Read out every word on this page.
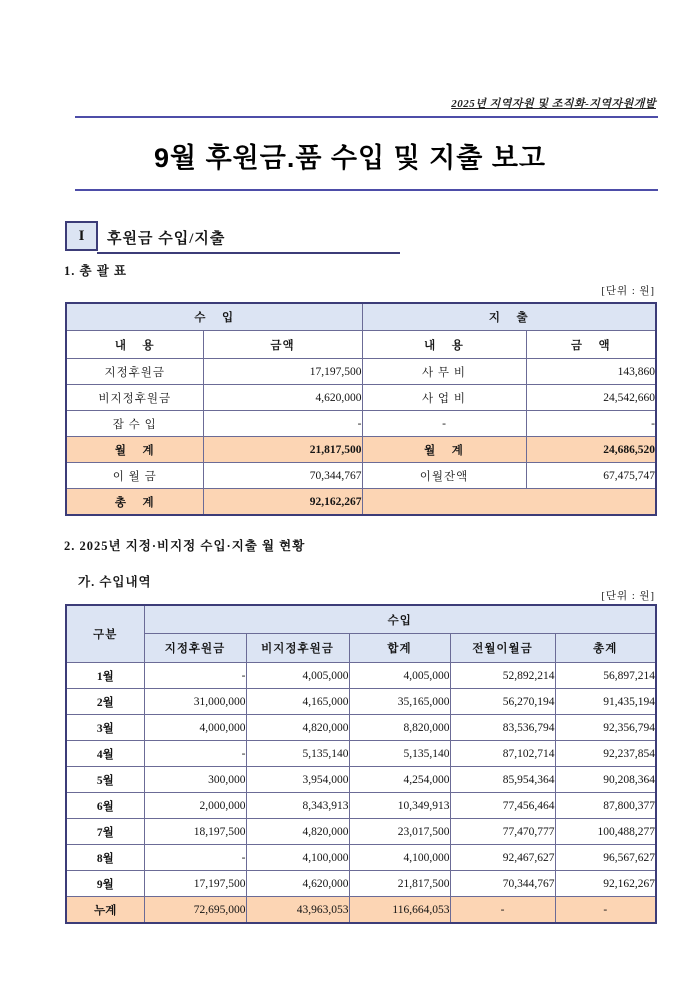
2025년 지역자원 및 조직화-지역자원개발
9월 후원금.품 수입 및 지출 보고
I 후원금 수입/지출
1. 총 괄 표
[단위 : 원]
수    입		지    출	
내    용	금액	내    용	금    액
지정후원금	17,197,500	사 무 비	143,860
비지정후원금	4,620,000	사 업 비	24,542,660
잡 수 입	-	-	-
월    계	21,817,500	월    계	24,686,520
이 월 금	70,344,767	이월잔액	67,475,747
총    계	92,162,267		
2. 2025년 지정·비지정 수입·지출 월 현황
가. 수입내역
[단위 : 원]
구분	수입				
	지정후원금	비지정후원금	합계	전월이월금	총계
1월	-	4,005,000	4,005,000	52,892,214	56,897,214
2월	31,000,000	4,165,000	35,165,000	56,270,194	91,435,194
3월	4,000,000	4,820,000	8,820,000	83,536,794	92,356,794
4월	-	5,135,140	5,135,140	87,102,714	92,237,854
5월	300,000	3,954,000	4,254,000	85,954,364	90,208,364
6월	2,000,000	8,343,913	10,349,913	77,456,464	87,800,377
7월	18,197,500	4,820,000	23,017,500	77,470,777	100,488,277
8월	-	4,100,000	4,100,000	92,467,627	96,567,627
9월	17,197,500	4,620,000	21,817,500	70,344,767	92,162,267
누계	72,695,000	43,963,053	116,664,053	-	-
